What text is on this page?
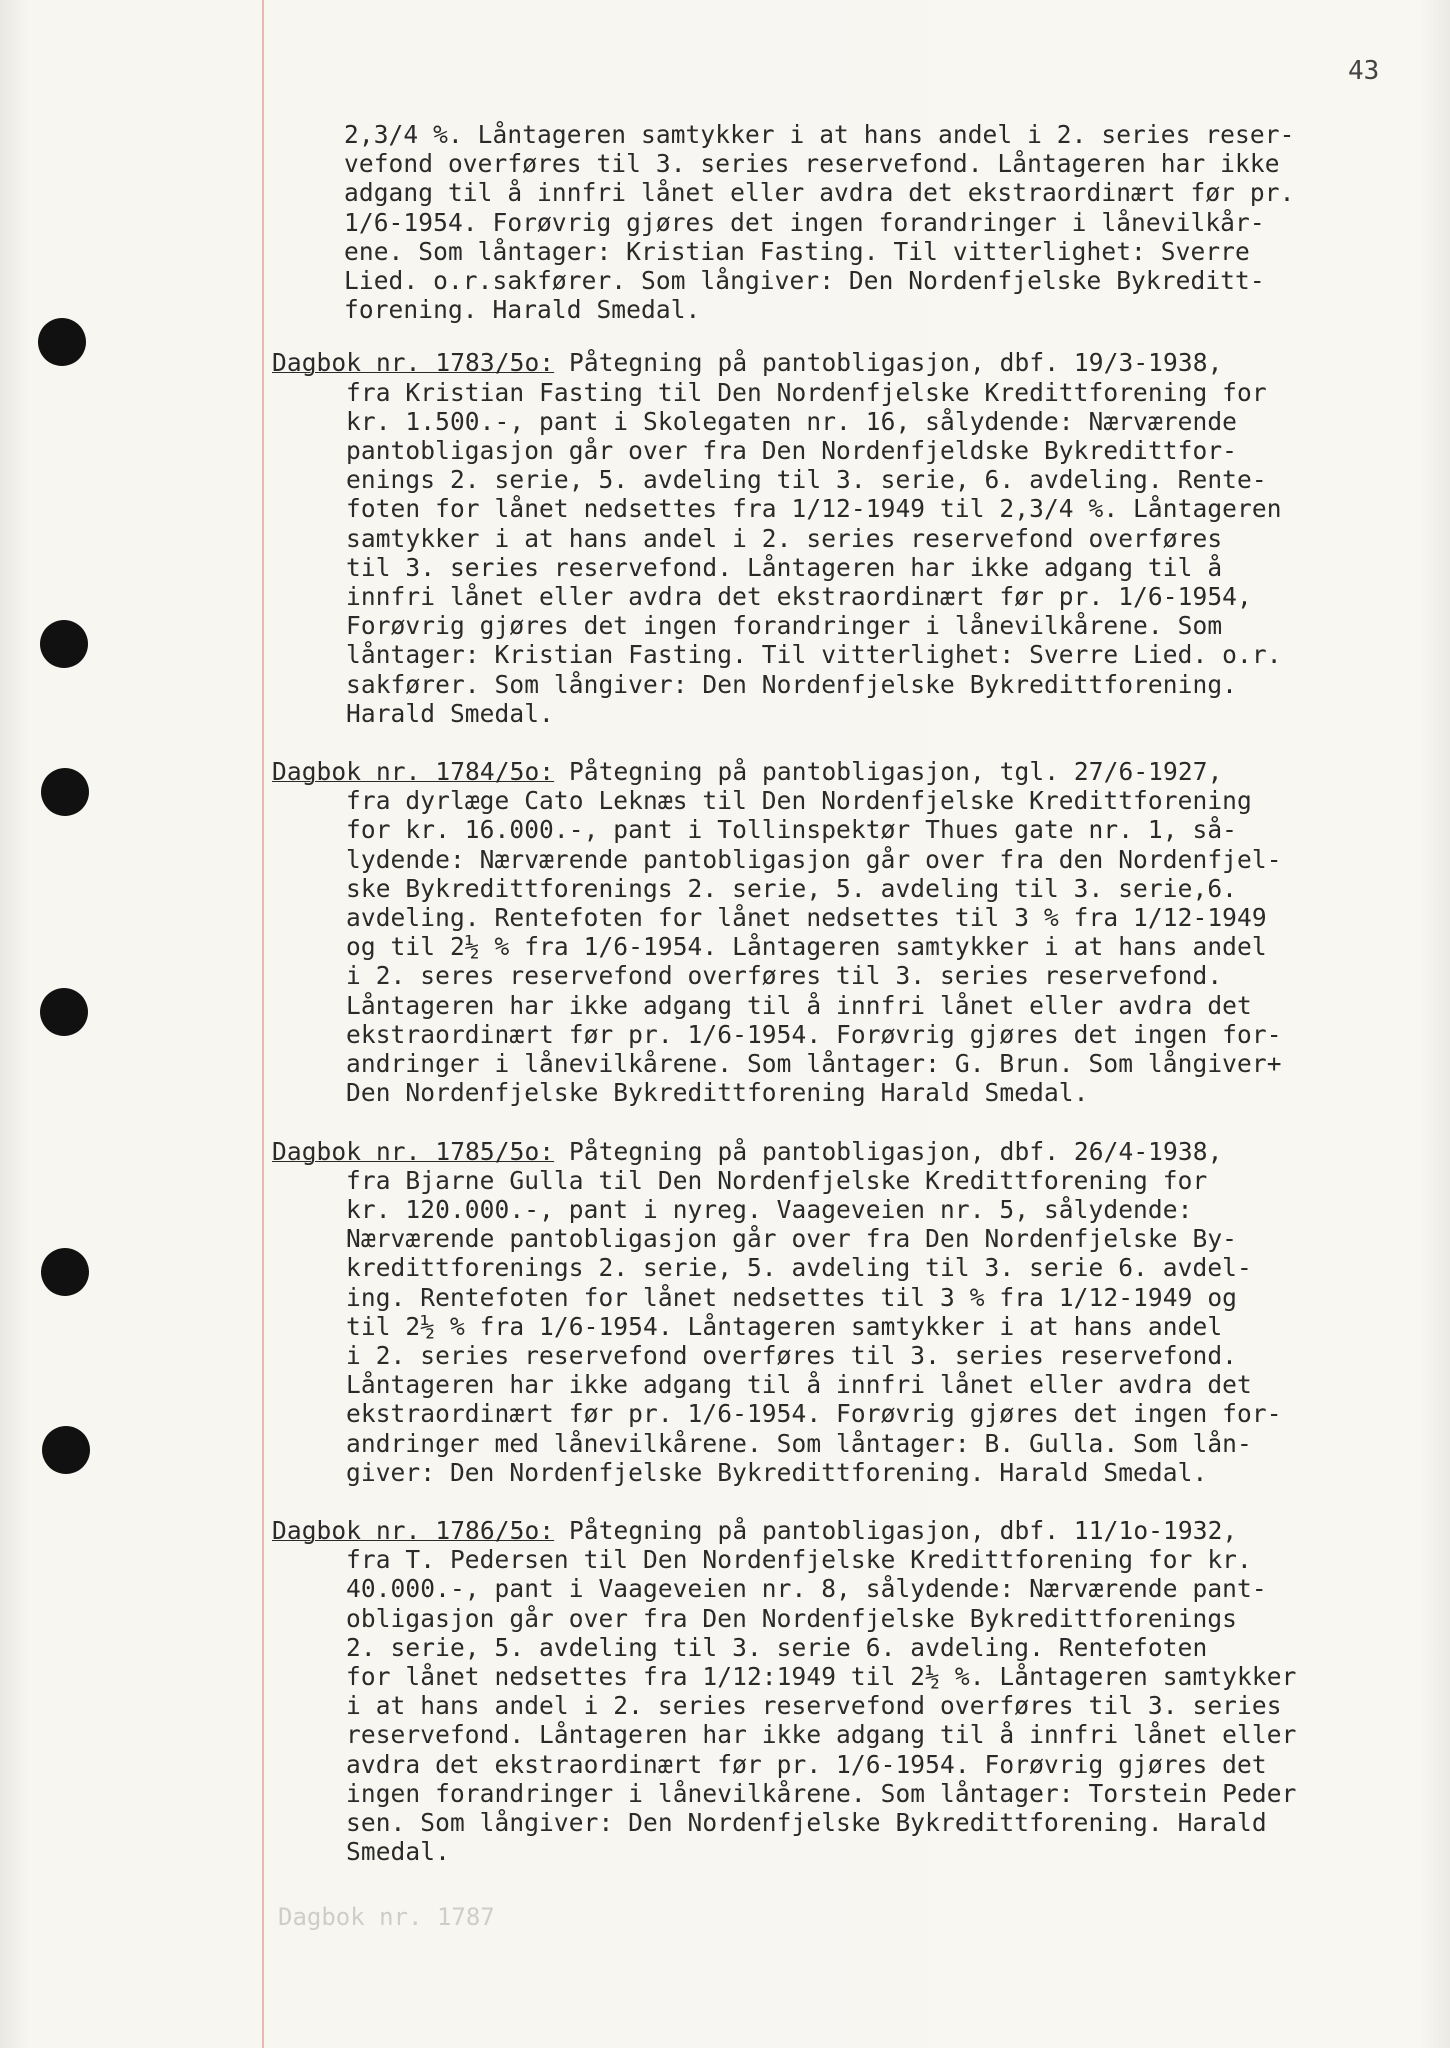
43
2,3/4 %. Låntageren samtykker i at hans andel i 2. series reser-
vefond overføres til 3. series reservefond. Låntageren har ikke
adgang til å innfri lånet eller avdra det ekstraordinært før pr.
1/6-1954. Forøvrig gjøres det ingen forandringer i lånevilkår-
ene. Som låntager: Kristian Fasting. Til vitterlighet: Sverre
Lied. o.r.sakfører. Som långiver: Den Nordenfjelske Bykreditt-
forening. Harald Smedal.
Dagbok nr. 1783/5o: Påtegning på pantobligasjon, dbf. 19/3-1938,
fra Kristian Fasting til Den Nordenfjelske Kredittforening for
kr. 1.500.-, pant i Skolegaten nr. 16, sålydende: Nærværende
pantobligasjon går over fra Den Nordenfjeldske Bykredittfor-
enings 2. serie, 5. avdeling til 3. serie, 6. avdeling. Rente-
foten for lånet nedsettes fra 1/12-1949 til 2,3/4 %. Låntageren
samtykker i at hans andel i 2. series reservefond overføres
til 3. series reservefond. Låntageren har ikke adgang til å
innfri lånet eller avdra det ekstraordinært før pr. 1/6-1954,
Forøvrig gjøres det ingen forandringer i lånevilkårene. Som
låntager: Kristian Fasting. Til vitterlighet: Sverre Lied. o.r.
sakfører. Som långiver: Den Nordenfjelske Bykredittforening.
Harald Smedal.
Dagbok nr. 1784/5o: Påtegning på pantobligasjon, tgl. 27/6-1927,
fra dyrlæge Cato Leknæs til Den Nordenfjelske Kredittforening
for kr. 16.000.-, pant i Tollinspektør Thues gate nr. 1, så-
lydende: Nærværende pantobligasjon går over fra den Nordenfjel-
ske Bykredittforenings 2. serie, 5. avdeling til 3. serie,6.
avdeling. Rentefoten for lånet nedsettes til 3 % fra 1/12-1949
og til 2½ % fra 1/6-1954. Låntageren samtykker i at hans andel
i 2. seres reservefond overføres til 3. series reservefond.
Låntageren har ikke adgang til å innfri lånet eller avdra det
ekstraordinært før pr. 1/6-1954. Forøvrig gjøres det ingen for-
andringer i lånevilkårene. Som låntager: G. Brun. Som långiver+
Den Nordenfjelske Bykredittforening Harald Smedal.
Dagbok nr. 1785/5o: Påtegning på pantobligasjon, dbf. 26/4-1938,
fra Bjarne Gulla til Den Nordenfjelske Kredittforening for
kr. 120.000.-, pant i nyreg. Vaageveien nr. 5, sålydende:
Nærværende pantobligasjon går over fra Den Nordenfjelske By-
kredittforenings 2. serie, 5. avdeling til 3. serie 6. avdel-
ing. Rentefoten for lånet nedsettes til 3 % fra 1/12-1949 og
til 2½ % fra 1/6-1954. Låntageren samtykker i at hans andel
i 2. series reservefond overføres til 3. series reservefond.
Låntageren har ikke adgang til å innfri lånet eller avdra det
ekstraordinært før pr. 1/6-1954. Forøvrig gjøres det ingen for-
andringer med lånevilkårene. Som låntager: B. Gulla. Som lån-
giver: Den Nordenfjelske Bykredittforening. Harald Smedal.
Dagbok nr. 1786/5o: Påtegning på pantobligasjon, dbf. 11/1o-1932,
fra T. Pedersen til Den Nordenfjelske Kredittforening for kr.
40.000.-, pant i Vaageveien nr. 8, sålydende: Nærværende pant-
obligasjon går over fra Den Nordenfjelske Bykredittforenings
2. serie, 5. avdeling til 3. serie 6. avdeling. Rentefoten
for lånet nedsettes fra 1/12:1949 til 2½ %. Låntageren samtykker
i at hans andel i 2. series reservefond overføres til 3. series
reservefond. Låntageren har ikke adgang til å innfri lånet eller
avdra det ekstraordinært før pr. 1/6-1954. Forøvrig gjøres det
ingen forandringer i lånevilkårene. Som låntager: Torstein Peder
sen. Som långiver: Den Nordenfjelske Bykredittforening. Harald
Smedal.
Dagbok nr. 1787
